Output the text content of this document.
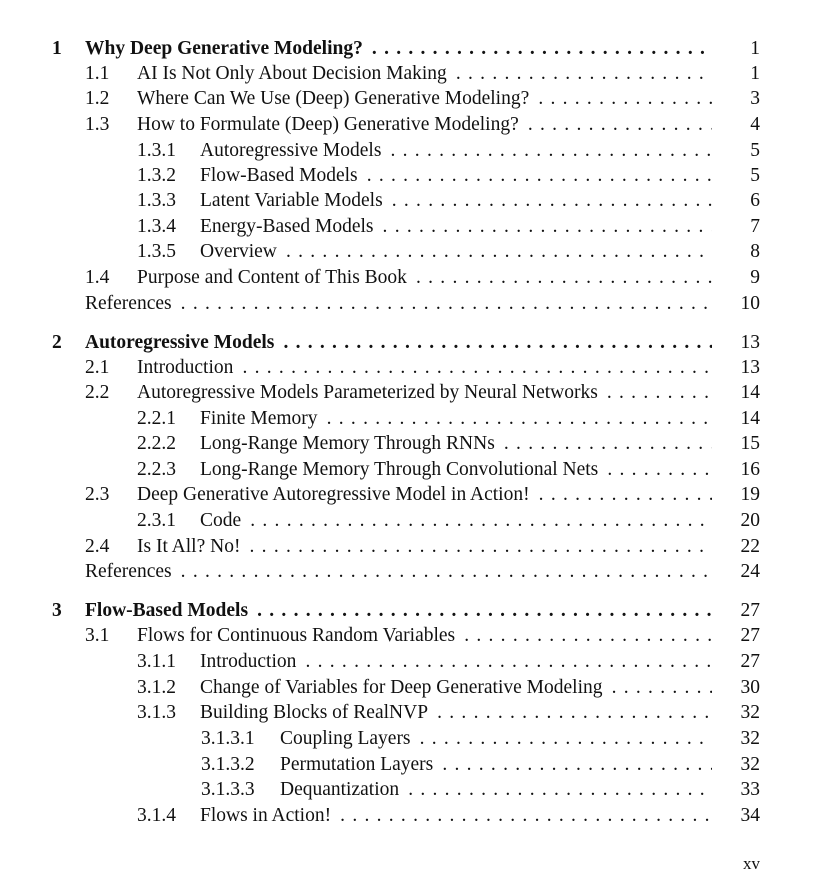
1 Why Deep Generative Modeling? . . .	1
1.1 AI Is Not Only About Decision Making . . .	1
1.2 Where Can We Use (Deep) Generative Modeling? . . .	3
1.3 How to Formulate (Deep) Generative Modeling? . . .	4
1.3.1 Autoregressive Models . . .	5
1.3.2 Flow-Based Models . . .	5
1.3.3 Latent Variable Models . . .	6
1.3.4 Energy-Based Models . . .	7
1.3.5 Overview . . .	8
1.4 Purpose and Content of This Book . . .	9
References . . .	10
2 Autoregressive Models . . .	13
2.1 Introduction . . .	13
2.2 Autoregressive Models Parameterized by Neural Networks . . .	14
2.2.1 Finite Memory . . .	14
2.2.2 Long-Range Memory Through RNNs . . .	15
2.2.3 Long-Range Memory Through Convolutional Nets . . .	16
2.3 Deep Generative Autoregressive Model in Action! . . .	19
2.3.1 Code . . .	20
2.4 Is It All? No! . . .	22
References . . .	24
3 Flow-Based Models . . .	27
3.1 Flows for Continuous Random Variables . . .	27
3.1.1 Introduction . . .	27
3.1.2 Change of Variables for Deep Generative Modeling . . .	30
3.1.3 Building Blocks of RealNVP . . .	32
3.1.3.1 Coupling Layers . . .	32
3.1.3.2 Permutation Layers . . .	32
3.1.3.3 Dequantization . . .	33
3.1.4 Flows in Action! . . .	34
xv
